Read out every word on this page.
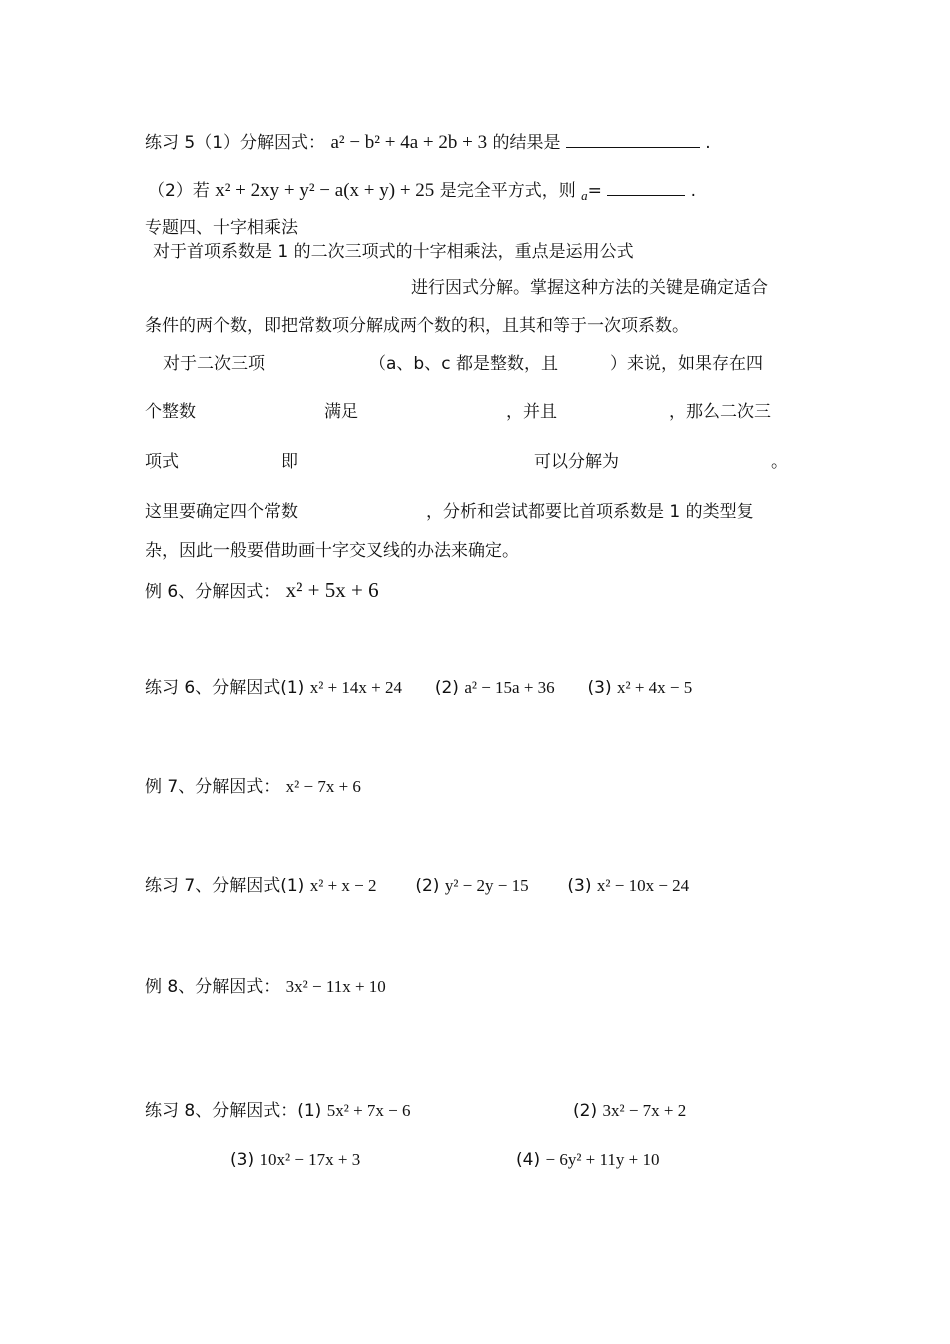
练习 5（1）分解因式： a² − b² + 4a + 2b + 3 的结果是	.
（2）若 x² + 2xy + y² − a(x + y) + 25 是完全平方式，则 $_a$=	.
专题四、十字相乘法
对于首项系数是 1 的二次三项式的十字相乘法，重点是运用公式
进行因式分解。掌握这种方法的关键是确定适合
条件的两个数，即把常数项分解成两个数的积，且其和等于一次项系数。
对于二次三项	（a、b、c 都是整数，且	）来说，如果存在四
个整数	满足	，并且	，那么二次三
项式	即	可以分解为	。
这里要确定四个常数	，分析和尝试都要比首项系数是 1 的类型复
杂，因此一般要借助画十字交叉线的办法来确定。
例 6、分解因式： x² + 5x + 6
练习 6、分解因式(1) x² + 14x + 24 (2) a² − 15a + 36 (3) x² + 4x − 5
例 7、分解因式： x² − 7x + 6
练习 7、分解因式(1) x² + x − 2 (2) y² − 2y − 15 (3) x² − 10x − 24
例 8、分解因式： 3x² − 11x + 10
练习 8、分解因式：(1) 5x² + 7x − 6	(2) 3x² − 7x + 2
(3) 10x² − 17x + 3	(4) − 6y² + 11y + 10
